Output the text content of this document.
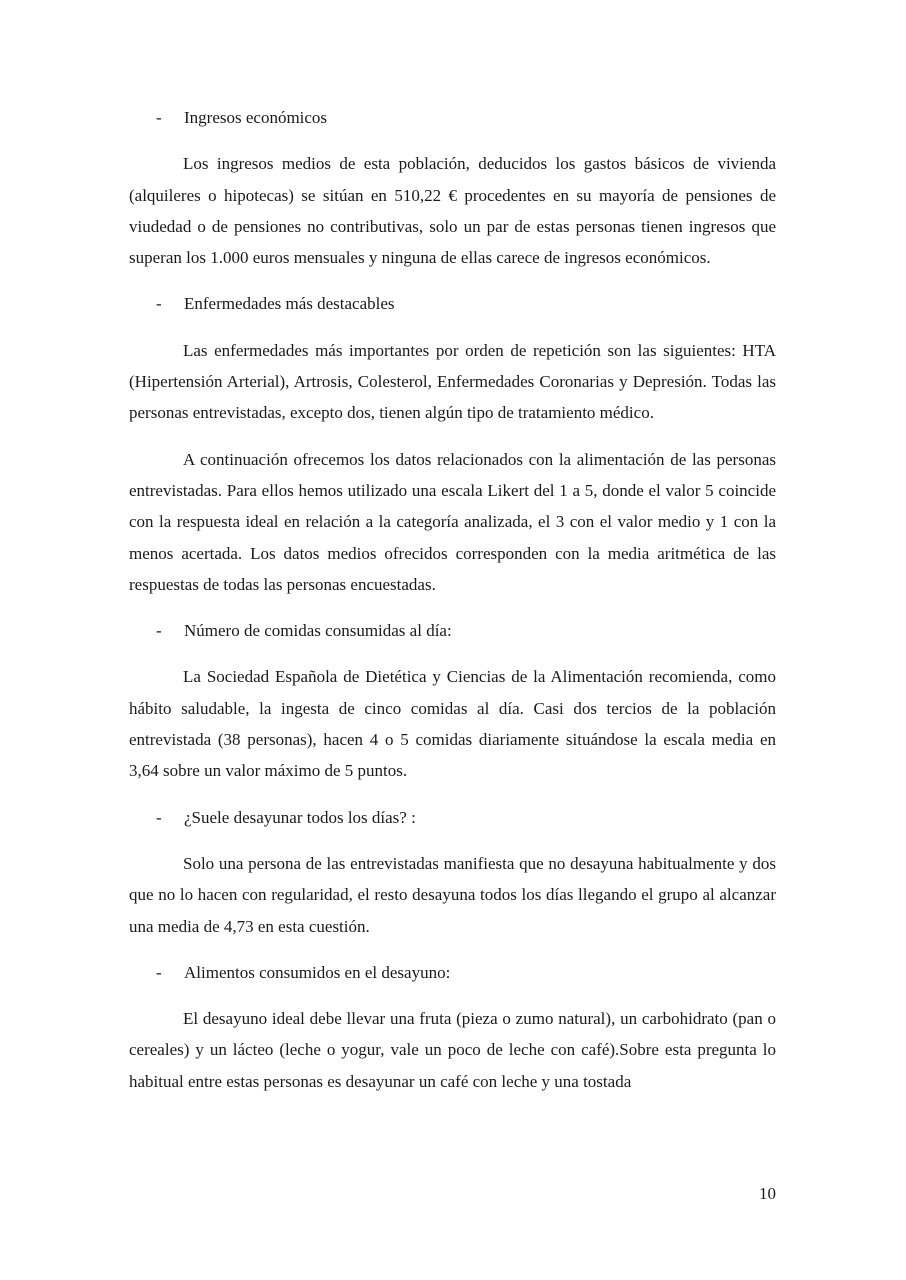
- Ingresos económicos

Los ingresos medios de esta población, deducidos los gastos básicos de vivienda (alquileres o hipotecas) se sitúan en 510,22 € procedentes en su mayoría de pensiones de viudedad o de pensiones no contributivas, solo un par de estas personas tienen ingresos que superan los 1.000 euros mensuales y ninguna de ellas carece de ingresos económicos.

- Enfermedades más destacables

Las enfermedades más importantes por orden de repetición son las siguientes: HTA (Hipertensión Arterial), Artrosis, Colesterol, Enfermedades Coronarias y Depresión. Todas las personas entrevistadas, excepto dos, tienen algún tipo de tratamiento médico.

A continuación ofrecemos los datos relacionados con la alimentación de las personas entrevistadas. Para ellos hemos utilizado una escala Likert del 1 a 5, donde el valor 5 coincide con la respuesta ideal en relación a la categoría analizada, el 3 con el valor medio y 1 con la menos acertada. Los datos medios ofrecidos corresponden con la media aritmética de las respuestas de todas las personas encuestadas.

- Número de comidas consumidas al día:

La Sociedad Española de Dietética y Ciencias de la Alimentación recomienda, como hábito saludable, la ingesta de cinco comidas al día. Casi dos tercios de la población entrevistada (38 personas), hacen 4 o 5 comidas diariamente situándose la escala media en 3,64 sobre un valor máximo de 5 puntos.

- ¿Suele desayunar todos los días? :

Solo una persona de las entrevistadas manifiesta que no desayuna habitualmente y dos que no lo hacen con regularidad, el resto desayuna todos los días llegando el grupo al alcanzar una media de 4,73 en esta cuestión.

- Alimentos consumidos en el desayuno:

El desayuno ideal debe llevar una fruta (pieza o zumo natural), un carbohidrato (pan o cereales) y un lácteo (leche o yogur, vale un poco de leche con café).Sobre esta pregunta lo habitual entre estas personas es desayunar un café con leche y una tostada

10
